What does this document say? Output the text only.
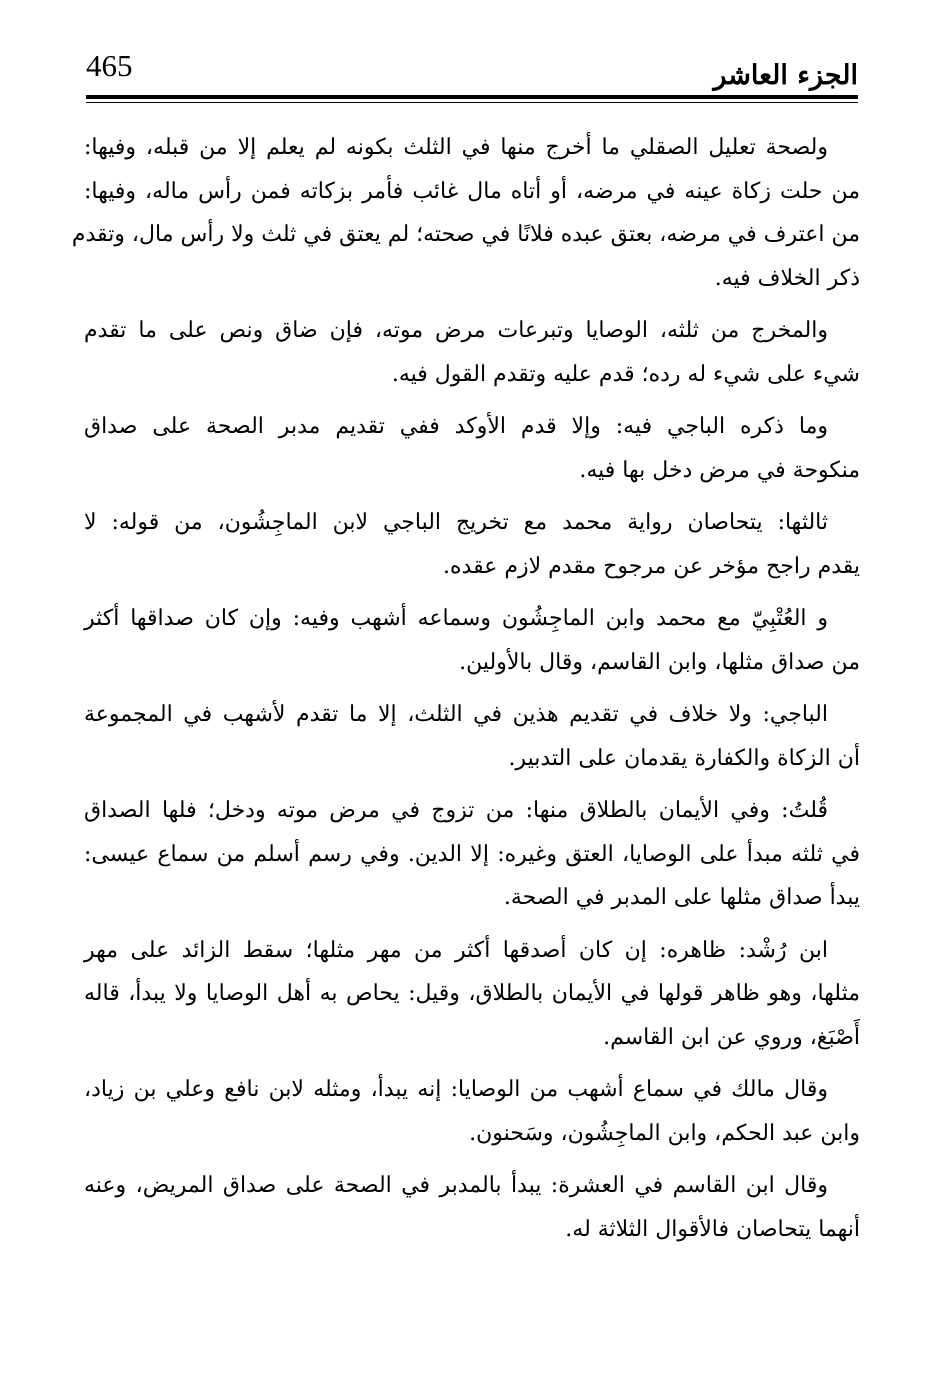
465	الجزء العاشر
ولصحة تعليل الصقلي ما أخرج منها في الثلث بكونه لم يعلم إلا من قبله، وفيها:
من حلت زكاة عينه في مرضه، أو أتاه مال غائب فأمر بزكاته فمن رأس ماله، وفيها:
من اعترف في مرضه، بعتق عبده فلانًا في صحته؛ لم يعتق في ثلث ولا رأس مال، وتقدم
ذكر الخلاف فيه.
والمخرج من ثلثه، الوصايا وتبرعات مرض موته، فإن ضاق ونص على ما تقدم
شيء على شيء له رده؛ قدم عليه وتقدم القول فيه.
وما ذكره الباجي فيه: وإلا قدم الأوكد ففي تقديم مدبر الصحة على صداق
منكوحة في مرض دخل بها فيه.
ثالثها: يتحاصان رواية محمد مع تخريج الباجي لابن الماجِشُون، من قوله: لا
يقدم راجح مؤخر عن مرجوح مقدم لازم عقده.
و العُتْبِيّ مع محمد وابن الماجِشُون وسماعه أشهب وفيه: وإن كان صداقها أكثر
من صداق مثلها، وابن القاسم، وقال بالأولين.
الباجي: ولا خلاف في تقديم هذين في الثلث، إلا ما تقدم لأشهب في المجموعة
أن الزكاة والكفارة يقدمان على التدبير.
قُلتُ: وفي الأيمان بالطلاق منها: من تزوج في مرض موته ودخل؛ فلها الصداق
في ثلثه مبدأ على الوصايا، العتق وغيره: إلا الدين. وفي رسم أسلم من سماع عيسى:
يبدأ صداق مثلها على المدبر في الصحة.
ابن رُشْد: ظاهره: إن كان أصدقها أكثر من مهر مثلها؛ سقط الزائد على مهر
مثلها، وهو ظاهر قولها في الأيمان بالطلاق، وقيل: يحاص به أهل الوصايا ولا يبدأ، قاله
أَصْبَغ، وروي عن ابن القاسم.
وقال مالك في سماع أشهب من الوصايا: إنه يبدأ، ومثله لابن نافع وعلي بن زياد،
وابن عبد الحكم، وابن الماجِشُون، وسَحنون.
وقال ابن القاسم في العشرة: يبدأ بالمدبر في الصحة على صداق المريض، وعنه
أنهما يتحاصان فالأقوال الثلاثة له.
